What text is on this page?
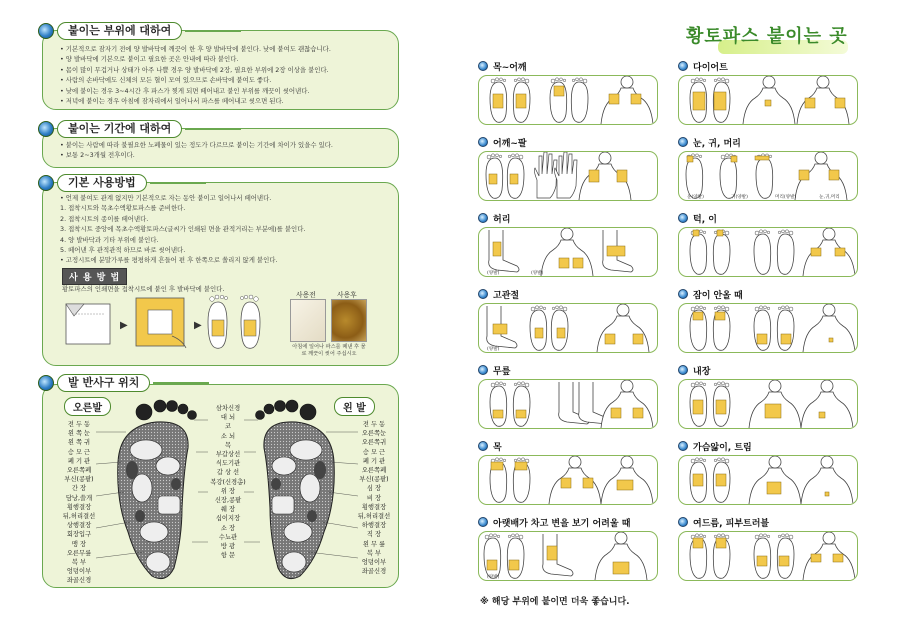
붙이는 부위에 대하여
• 기본적으로 잠자기 전에 양 발바닥에 깨끗이 한 후 양 발바닥에 붙인다. 낮에 붙여도 괜찮습니다.
• 양 발바닥에 기본으로 붙이고 필요한 곳은 안내에 따라 붙인다.
• 몸이 많이 무겁거나 상태가 아주 나쁠 경우 양 발바닥에 2장, 필요한 부위에 2장 이상을 붙인다.
• 사람의 손바닥에도 신체의 모든 혈이 모여 있으므로 손바닥에 붙여도 좋다.
• 낮에 붙이는 경우 3~4시간 후 파스가 찢게 되면 떼어내고 붙인 부위를 깨끗이 씻어낸다.
• 저녁에 붙이는 경우 아침에 잠자리에서 일어나서 파스를 떼어내고 씻으면 된다.
붙이는 기간에 대하여
• 붙이는 사람에 따라 불필요한 노폐물이 있는 정도가 다르므로 붙이는 기간에 차이가 있을수 있다.
• 보통 2~3개월 전후이다.
기본 사용방법
• 언제 붙여도 관계 없지만 기본적으로 자는 동안 붙이고 일어나서 떼어낸다.
1. 접착시트와 목초수액황토파스를 준비한다.
2. 접착시트의 종이를 떼어낸다.
3. 접착시트 중앙에 목초수액황토파스(글씨가 인쇄된 면을 관적거리는 부분에)를 붙인다.
4. 양 발바닥과 기타 부위에 붙인다.
5. 떼어낸 후 관적관적 하므로 바로 씻어낸다.
• 고정시트에 분말가루를 평평하게 흔들어 편 후 한쪽으로 쏠리지 않게 붙인다.
사 용 방 법
황토파스의 인쇄면을 접착시트에 붙인 후 발바닥에 붙인다.
▶	▶
사용전	사용후
아침에 일어나 파스를 떼낸 후 물로 깨끗이 씻어 주십시오
발 반사구 위치
오른발	왼 발
전 두 동
왼 쪽 눈
왼 쪽 귀
승 모 근
폐 기 관
오른쪽폐
부신(콩팥)
간 장
담낭,쓸개
횡행결장
뒤,허리결선
상행결장
회장입구
맹 장
오른무릎
복 부
엉덩이부
좌골신경
삼차신경
대 뇌
코
소 뇌
목
부갑상선
식도기관
갑 상 선
복강(신경총)
위 장
신장,콩팥
췌 장
십이지장
소 장
수뇨관
방 광
항 문
전 두 동
오른쪽눈
오른쪽귀
승 모 근
폐 기 관
오른쪽폐
부신(콩팥)
심 장
비 장
횡행결장
뒤,허리결선
하행결장
직 장
왼 무 릎
복 부
엉덩이부
좌골신경
황토파스 붙이는 곳
목~어깨	다이어트
어깨~팔	눈, 귀, 머리
눈(양발)	귀(양발)	머리(양발)	눈,귀,머리
허리
(양발)	(양발)
턱, 이
고관절
(양발)
잠이 안올 때
무릎	내장
목	가슴앓이, 트림
아랫배가 차고 변을 보기 어려울 때
(양발)
여드름, 피부트러블
※ 해당 부위에 붙이면 더욱 좋습니다.
